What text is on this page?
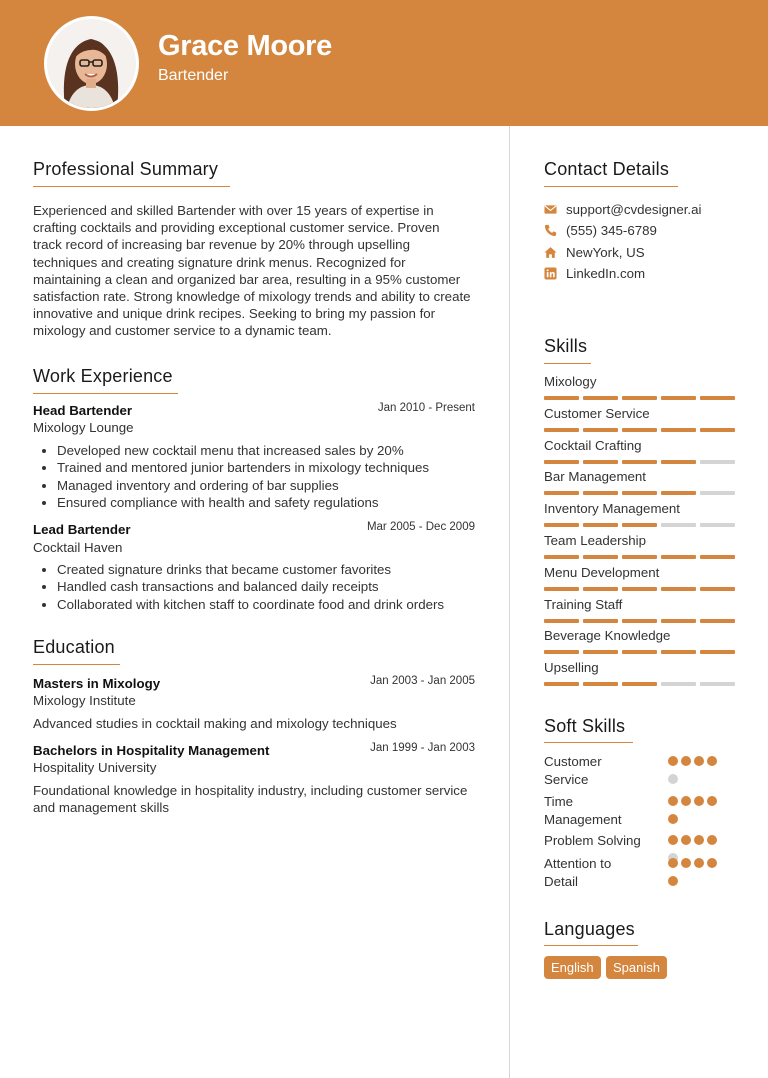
Grace Moore
Bartender
Professional Summary
Experienced and skilled Bartender with over 15 years of expertise in
crafting cocktails and providing exceptional customer service. Proven
track record of increasing bar revenue by 20% through upselling
techniques and creating signature drink menus. Recognized for
maintaining a clean and organized bar area, resulting in a 95% customer
satisfaction rate. Strong knowledge of mixology trends and ability to create
innovative and unique drink recipes. Seeking to bring my passion for
mixology and customer service to a dynamic team.
Work Experience
Head Bartender	Jan 2010 - Present
Mixology Lounge
Developed new cocktail menu that increased sales by 20%
Trained and mentored junior bartenders in mixology techniques
Managed inventory and ordering of bar supplies
Ensured compliance with health and safety regulations
Lead Bartender	Mar 2005 - Dec 2009
Cocktail Haven
Created signature drinks that became customer favorites
Handled cash transactions and balanced daily receipts
Collaborated with kitchen staff to coordinate food and drink orders
Education
Masters in Mixology	Jan 2003 - Jan 2005
Mixology Institute
Advanced studies in cocktail making and mixology techniques
Bachelors in Hospitality Management	Jan 1999 - Jan 2003
Hospitality University
Foundational knowledge in hospitality industry, including customer service
and management skills
Contact Details
support@cvdesigner.ai
(555) 345-6789
NewYork, US
LinkedIn.com
Skills
Mixology
Customer Service
Cocktail Crafting
Bar Management
Inventory Management
Team Leadership
Menu Development
Training Staff
Beverage Knowledge
Upselling
Soft Skills
Customer
Service
Time
Management
Problem Solving
Attention to
Detail
Languages
English	Spanish
